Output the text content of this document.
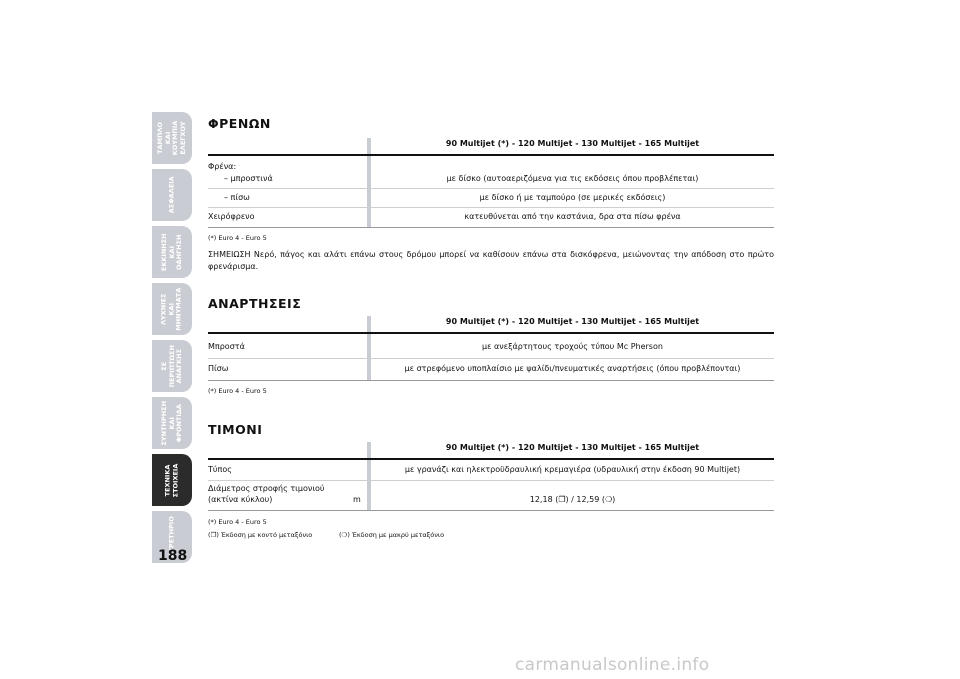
ΤΑΜΠΛΟ ΚΑΙ
ΚΟΥΜΠΙΑ
ΕΛΕΓΧΟΥ
ΑΣΦΑΛΕΙΑ
ΕΚΚΙΝΗΣΗ
ΚΑΙ ΟΔΗΓΗΣΗ
ΛΥΧΝΙΕΣ ΚΑΙ
ΜΗΝΥΜΑΤΑ
ΣΕ ΠΕΡΙΠΤΩΣΗ
ΑΝΑΓΚΗΣ
ΣΥΝΤΗΡΗΣΗ
ΚΑΙ ΦΡΟΝΤΙΔΑ
ΤΕΧΝΙΚΑ
ΣΤΟΙΧΕΙΑ
ΕΥΡΕΤΗΡΙΟ
188
ΦΡΕΝΩΝ
90 Multijet (*) - 120 Multijet - 130 Multijet - 165 Multijet
Φρένα:
– μπροστινά	με δίσκο (αυτοαεριζόμενα για τις εκδόσεις όπου προβλέπεται)
– πίσω	με δίσκο ή με ταμπούρο (σε μερικές εκδόσεις)
Χειρόφρενο	κατευθύνεται από την καστάνια, δρα στα πίσω φρένα
(*) Euro 4 - Euro 5
ΣΗΜΕΙΩΣΗ Νερό, πάγος και αλάτι επάνω στους δρόμου μπορεί να καθίσουν επάνω στα δισκόφρενα, μειώνοντας την απόδοση στο πρώτο φρενάρισμα.
ΑΝΑΡΤΗΣΕΙΣ
90 Multijet (*) - 120 Multijet - 130 Multijet - 165 Multijet
Μπροστά	με ανεξάρτητους τροχούς τύπου Mc Pherson
Πίσω	με στρεφόμενο υποπλαίσιο με ψαλίδι/πνευματικές αναρτήσεις (όπου προβλέπονται)
(*) Euro 4 - Euro 5
ΤΙΜΟΝΙ
90 Multijet (*) - 120 Multijet - 130 Multijet - 165 Multijet
Τύπος	με γρανάζι και ηλεκτροϋδραυλική κρεμαγιέρα (υδραυλική στην έκδοση 90 Multijet)
Διάμετρος στροφής τιμονιού
(ακτίνα κύκλου)	m	12,18 (❐) / 12,59 (❍)
(*) Euro 4 - Euro 5
(❐) Έκδοση με κοντό μεταξόνιο	(❍) Έκδοση με μακρύ μεταξόνιο
carmanualsonline.info
